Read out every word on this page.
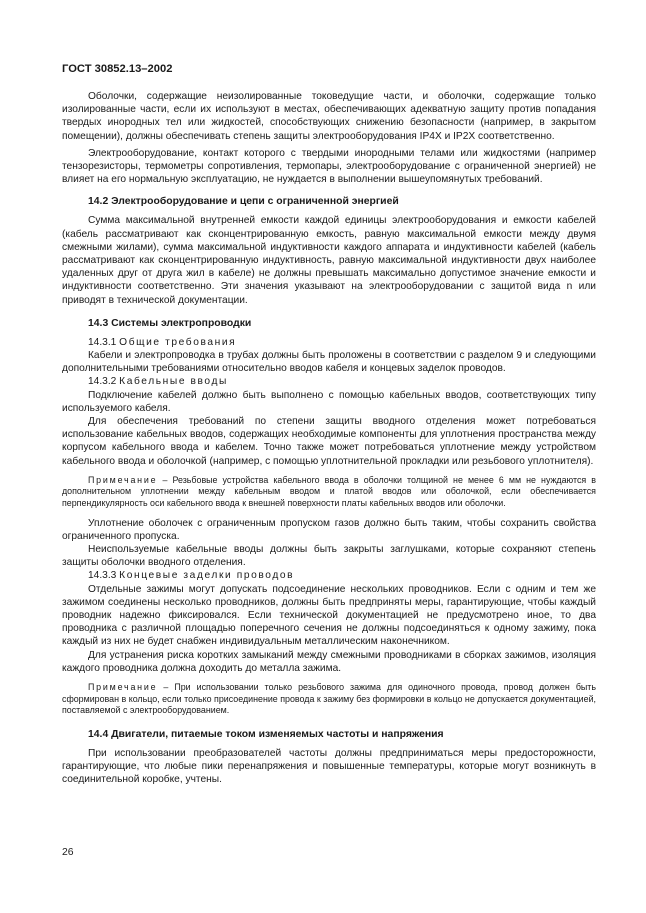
ГОСТ 30852.13–2002

Оболочки, содержащие неизолированные токоведущие части, и оболочки, содержащие только изолированные части, если их используют в местах, обеспечивающих адекватную защиту против попадания твердых инородных тел или жидкостей, способствующих снижению безопасности (например, в закрытом помещении), должны обеспечивать степень защиты электрооборудования IP4X и IP2X соответственно.

Электрооборудование, контакт которого с твердыми инородными телами или жидкостями (например тензорезисторы, термометры сопротивления, термопары, электрооборудование с ограниченной энергией) не влияет на его нормальную эксплуатацию, не нуждается в выполнении вышеупомянутых требований.

14.2 Электрооборудование и цепи с ограниченной энергией

Сумма максимальной внутренней емкости каждой единицы электрооборудования и емкости кабелей (кабель рассматривают как сконцентрированную емкость, равную максимальной емкости между двумя смежными жилами), сумма максимальной индуктивности каждого аппарата и индуктивности кабелей (кабель рассматривают как сконцентрированную индуктивность, равную максимальной индуктивности двух наиболее удаленных друг от друга жил в кабеле) не должны превышать максимально допустимое значение емкости и индуктивности соответственно. Эти значения указывают на электрооборудовании с защитой вида n или приводят в технической документации.

14.3 Системы электропроводки
14.3.1 Общие требования

Кабели и электропроводка в трубах должны быть проложены в соответствии с разделом 9 и следующими дополнительными требованиями относительно вводов кабеля и концевых заделок проводов.

14.3.2 Кабельные вводы

Подключение кабелей должно быть выполнено с помощью кабельных вводов, соответствующих типу используемого кабеля.

Для обеспечения требований по степени защиты вводного отделения может потребоваться использование кабельных вводов, содержащих необходимые компоненты для уплотнения пространства между корпусом кабельного ввода и кабелем. Точно также может потребоваться уплотнение между устройством кабельного ввода и оболочкой (например, с помощью уплотнительной прокладки или резьбового уплотнителя).

Примечание – Резьбовые устройства кабельного ввода в оболочки толщиной не менее 6 мм не нуждаются в дополнительном уплотнении между кабельным вводом и платой вводов или оболочкой, если обеспечивается перпендикулярность оси кабельного ввода к внешней поверхности платы кабельных вводов или оболочки.

Уплотнение оболочек с ограниченным пропуском газов должно быть таким, чтобы сохранить свойства ограниченного пропуска.

Неиспользуемые кабельные вводы должны быть закрыты заглушками, которые сохраняют степень защиты оболочки вводного отделения.

14.3.3 Концевые заделки проводов

Отдельные зажимы могут допускать подсоединение нескольких проводников. Если с одним и тем же зажимом соединены несколько проводников, должны быть предприняты меры, гарантирующие, чтобы каждый проводник надежно фиксировался. Если технической документацией не предусмотрено иное, то два проводника с различной площадью поперечного сечения не должны подсоединяться к одному зажиму, пока каждый из них не будет снабжен индивидуальным металлическим наконечником.

Для устранения риска коротких замыканий между смежными проводниками в сборках зажимов, изоляция каждого проводника должна доходить до металла зажима.

Примечание – При использовании только резьбового зажима для одиночного провода, провод должен быть сформирован в кольцо, если только присоединение провода к зажиму без формировки в кольцо не допускается документацией, поставляемой с электрооборудованием.
14.4 Двигатели, питаемые током изменяемых частоты и напряжения

При использовании преобразователей частоты должны предприниматься меры предосторожности, гарантирующие, что любые пики перенапряжения и повышенные температуры, которые могут возникнуть в соединительной коробке, учтены.

26
